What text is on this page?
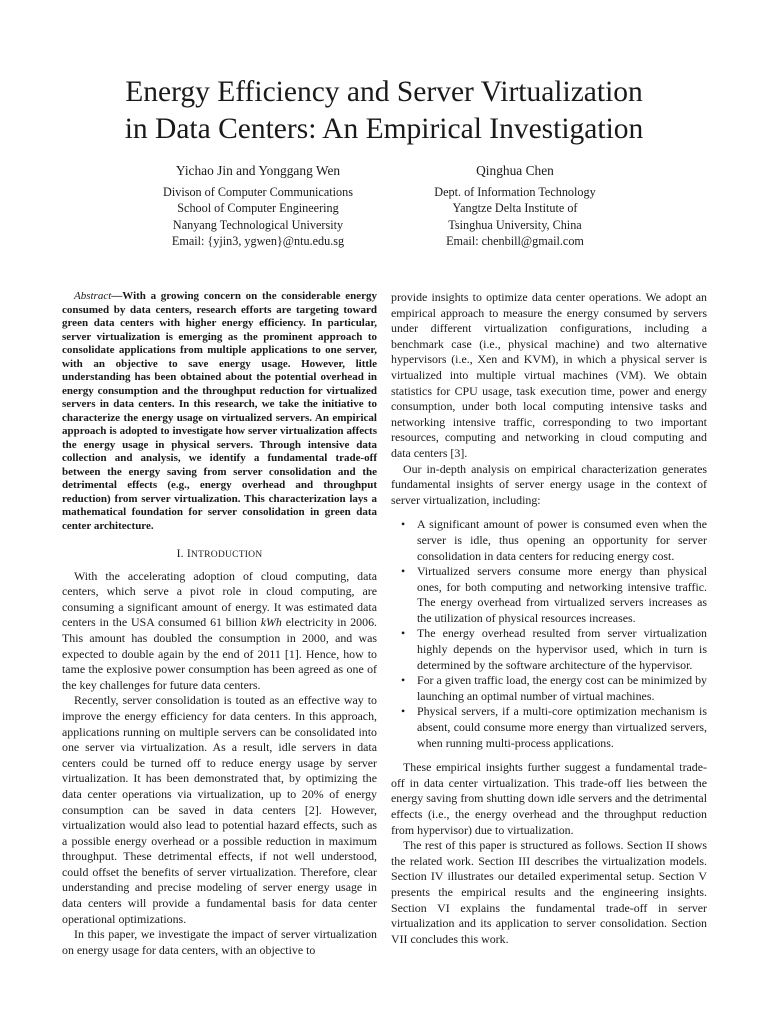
Energy Efficiency and Server Virtualization
in Data Centers: An Empirical Investigation
Yichao Jin and Yonggang Wen
Divison of Computer Communications
School of Computer Engineering
Nanyang Technological University
Email: {yjin3, ygwen}@ntu.edu.sg
Qinghua Chen
Dept. of Information Technology
Yangtze Delta Institute of
Tsinghua University, China
Email: chenbill@gmail.com

Abstract—With a growing concern on the considerable energy consumed by data centers, research efforts are targeting toward green data centers with higher energy efficiency. In particular, server virtualization is emerging as the prominent approach to consolidate applications from multiple applications to one server, with an objective to save energy usage. However, little understanding has been obtained about the potential overhead in energy consumption and the throughput reduction for virtualized servers in data centers. In this research, we take the initiative to characterize the energy usage on virtualized servers. An empirical approach is adopted to investigate how server virtualization affects the energy usage in physical servers. Through intensive data collection and analysis, we identify a fundamental trade-off between the energy saving from server consolidation and the detrimental effects (e.g., energy overhead and throughput reduction) from server virtualization. This characterization lays a mathematical foundation for server consolidation in green data center architecture.

I. INTRODUCTION

With the accelerating adoption of cloud computing, data centers, which serve a pivot role in cloud computing, are consuming a significant amount of energy. It was estimated data centers in the USA consumed 61 billion kWh electricity in 2006. This amount has doubled the consumption in 2000, and was expected to double again by the end of 2011 [1]. Hence, how to tame the explosive power consumption has been agreed as one of the key challenges for future data centers.

Recently, server consolidation is touted as an effective way to improve the energy efficiency for data centers. In this approach, applications running on multiple servers can be consolidated into one server via virtualization. As a result, idle servers in data centers could be turned off to reduce energy usage by server virtualization. It has been demonstrated that, by optimizing the data center operations via virtualization, up to 20% of energy consumption can be saved in data centers [2]. However, virtualization would also lead to potential hazard effects, such as a possible energy overhead or a possible reduction in maximum throughput. These detrimental effects, if not well understood, could offset the benefits of server virtualization. Therefore, clear understanding and precise modeling of server energy usage in data centers will provide a fundamental basis for data center operational optimizations.

In this paper, we investigate the impact of server virtualization on energy usage for data centers, with an objective to

provide insights to optimize data center operations. We adopt an empirical approach to measure the energy consumed by servers under different virtualization configurations, including a benchmark case (i.e., physical machine) and two alternative hypervisors (i.e., Xen and KVM), in which a physical server is virtualized into multiple virtual machines (VM). We obtain statistics for CPU usage, task execution time, power and energy consumption, under both local computing intensive tasks and networking intensive traffic, corresponding to two important resources, computing and networking in cloud computing and data centers [3].

Our in-depth analysis on empirical characterization generates fundamental insights of server energy usage in the context of server virtualization, including:

• A significant amount of power is consumed even when the server is idle, thus opening an opportunity for server consolidation in data centers for reducing energy cost.
• Virtualized servers consume more energy than physical ones, for both computing and networking intensive traffic. The energy overhead from virtualized servers increases as the utilization of physical resources increases.
• The energy overhead resulted from server virtualization highly depends on the hypervisor used, which in turn is determined by the software architecture of the hypervisor.
• For a given traffic load, the energy cost can be minimized by launching an optimal number of virtual machines.
• Physical servers, if a multi-core optimization mechanism is absent, could consume more energy than virtualized servers, when running multi-process applications.

These empirical insights further suggest a fundamental trade-off in data center virtualization. This trade-off lies between the energy saving from shutting down idle servers and the detrimental effects (i.e., the energy overhead and the throughput reduction from hypervisor) due to virtualization.

The rest of this paper is structured as follows. Section II shows the related work. Section III describes the virtualization models. Section IV illustrates our detailed experimental setup. Section V presents the empirical results and the engineering insights. Section VI explains the fundamental trade-off in server virtualization and its application to server consolidation. Section VII concludes this work.
